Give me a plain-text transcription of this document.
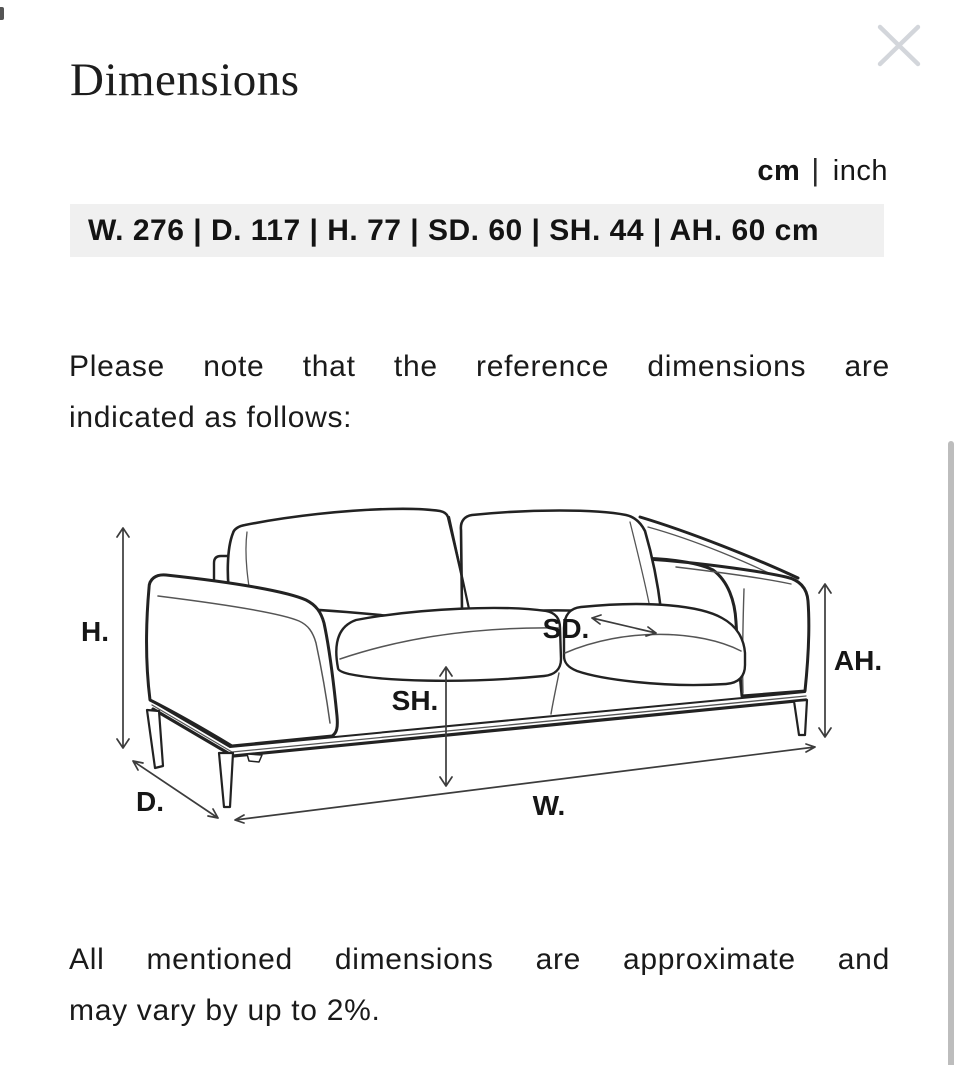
Dimensions
cm | inch
W. 276 | D. 117 | H. 77 | SD. 60 | SH. 44 | AH. 60 cm
Please note that the reference dimensions are
indicated as follows:
H.
D.
SH.
SD.
AH.
W.
All mentioned dimensions are approximate and
may vary by up to 2%.
